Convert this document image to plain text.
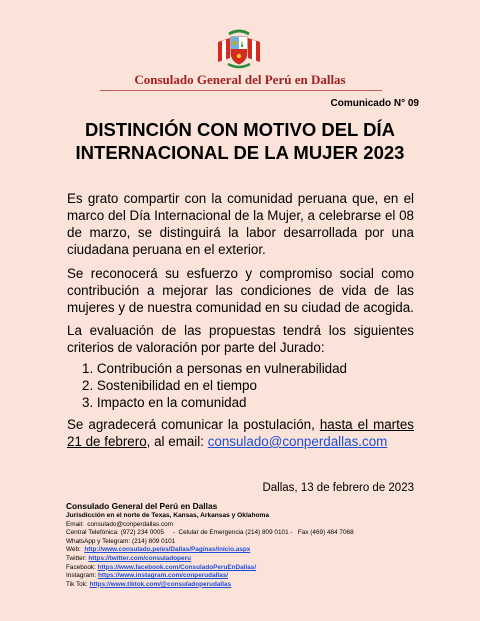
Consulado General del Perú en Dallas
Comunicado N° 09
DISTINCIÓN CON MOTIVO DEL DÍA
INTERNACIONAL DE LA MUJER 2023
Es grato compartir con la comunidad peruana que, en el marco del Día Internacional de la Mujer, a celebrarse el 08 de marzo, se distinguirá la labor desarrollada por una ciudadana peruana en el exterior.
Se reconocerá su esfuerzo y compromiso social como contribución a mejorar las condiciones de vida de las mujeres y de nuestra comunidad en su ciudad de acogida.
La evaluación de las propuestas tendrá los siguientes criterios de valoración por parte del Jurado:
1. Contribución a personas en vulnerabilidad
2. Sostenibilidad en el tiempo
3. Impacto en la comunidad
Se agradecerá comunicar la postulación, hasta el martes 21 de febrero, al email: consulado@conperdallas.com
Dallas, 13 de febrero de 2023
Consulado General del Perú en Dallas
Jurisdicción en el norte de Texas, Kansas, Arkansas y Oklahoma
Email:  consulado@conperdallas.com
Central Telefónica: (972) 234 0005     -  Celular de Emergencia (214) 809 0101 -   Fax (469) 484 7068
WhatsApp y Telegram: (214) 809 0101
Web:  http://www.consulado.pe/es/Dallas/Paginas/Inicio.aspx
Twitter: https://twitter.com/consuladoperu
Facebook: https://www.facebook.com/ConsuladoPeruEnDallas/
Instagram: https://www.instagram.com/conperudallas/
Tik Tok: https://www.tiktok.com/@consuladoperudallas
